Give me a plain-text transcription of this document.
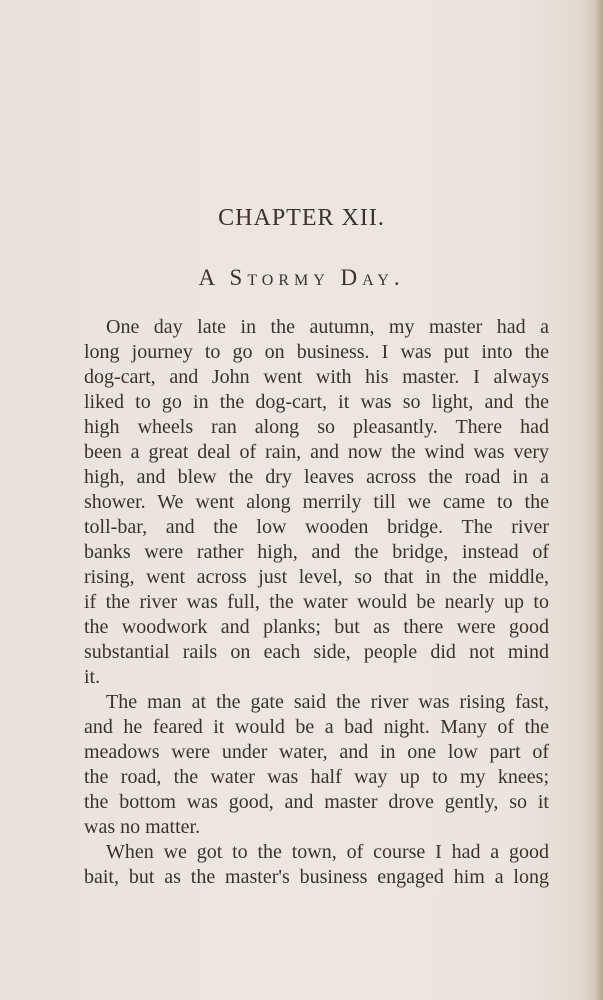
CHAPTER XII.
A Stormy Day.
One day late in the autumn, my master had a
long journey to go on business. I was put into the
dog-cart, and John went with his master. I always
liked to go in the dog-cart, it was so light, and the
high wheels ran along so pleasantly. There had
been a great deal of rain, and now the wind was very
high, and blew the dry leaves across the road in a
shower. We went along merrily till we came to the
toll-bar, and the low wooden bridge. The river
banks were rather high, and the bridge, instead of
rising, went across just level, so that in the middle,
if the river was full, the water would be nearly up to
the woodwork and planks; but as there were good
substantial rails on each side, people did not mind
it.
The man at the gate said the river was rising fast,
and he feared it would be a bad night. Many of the
meadows were under water, and in one low part of
the road, the water was half way up to my knees;
the bottom was good, and master drove gently, so it
was no matter.
When we got to the town, of course I had a good
bait, but as the master's business engaged him a long
